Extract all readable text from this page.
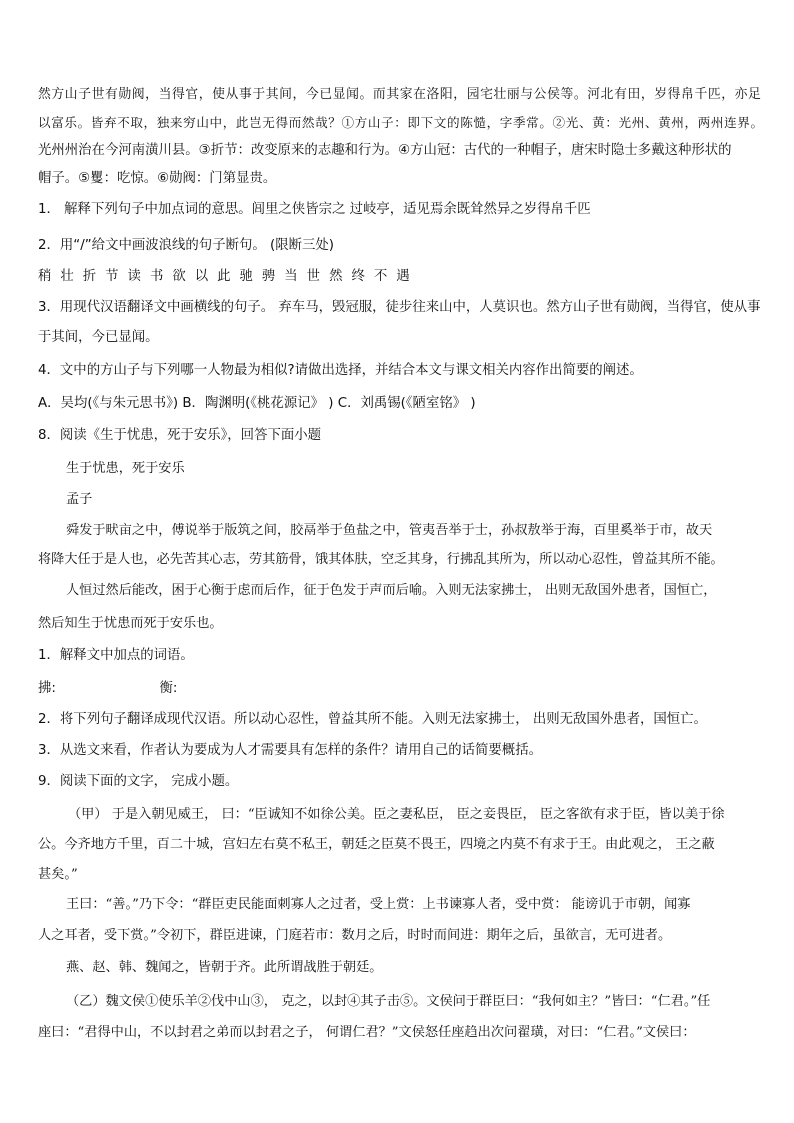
然方山子世有勋阀，当得官，使从事于其间，今已显闻。而其家在洛阳，园宅壮丽与公侯等。河北有田，岁得帛千匹，亦足
以富乐。皆弃不取，独来穷山中，此岂无得而然哉？①方山子：即下文的陈慥，字季常。②光、黄：光州、黄州，两州连界。
光州州治在今河南潢川县。③折节：改变原来的志趣和行为。④方山冠：古代的一种帽子，唐宋时隐士多戴这种形状的
帽子。⑤矍：吃惊。⑥勋阀：门第显贵。
1． 解释下列句子中加点词的意思。闾里之侠皆宗之 过岐亭，适见焉余既耸然异之岁得帛千匹
2．用“/”给文中画波浪线的句子断句。 (限断三处)
稍壮折节读书欲以此驰骋当世然终不遇
3．用现代汉语翻译文中画横线的句子。 弃车马，毁冠服，徒步往来山中，人莫识也。然方山子世有勋阀，当得官，使从事
于其间，今已显闻。
4．文中的方山子与下列哪一人物最为相似?请做出选择，并结合本文与课文相关内容作出简要的阐述。
A．吴均(《与朱元思书》) B．陶渊明(《桃花源记》 ) C．刘禹锡(《陋室铭》 )
8．阅读《生于忧患，死于安乐》，回答下面小题
生于忧患，死于安乐
孟子
舜发于畎亩之中，傅说举于版筑之间，胶鬲举于鱼盐之中，管夷吾举于士，孙叔敖举于海，百里奚举于市，故天
将降大任于是人也，必先苦其心志，劳其筋骨，饿其体肤，空乏其身，行拂乱其所为，所以动心忍性，曾益其所不能。
人恒过然后能改，困于心衡于虑而后作，征于色发于声而后喻。入则无法家拂士， 出则无敌国外患者，国恒亡，
然后知生于忧患而死于安乐也。
1．解释文中加点的词语。
拂:	衡:
2．将下列句子翻译成现代汉语。所以动心忍性，曾益其所不能。入则无法家拂士， 出则无敌国外患者，国恒亡。
3．从选文来看，作者认为要成为人才需要具有怎样的条件？请用自己的话简要概括。
9．阅读下面的文字， 完成小题。
（甲） 于是入朝见威王， 曰：“臣诚知不如徐公美。臣之妻私臣， 臣之妾畏臣， 臣之客欲有求于臣，皆以美于徐
公。今齐地方千里，百二十城，宫妇左右莫不私王，朝廷之臣莫不畏王，四境之内莫不有求于王。由此观之， 王之蔽
甚矣。”
王曰：“善。”乃下令：“群臣吏民能面刺寡人之过者，受上赏：上书谏寡人者，受中赏： 能谤讥于市朝，闻寡
人之耳者，受下赏。”令初下，群臣进谏，门庭若市：数月之后，时时而间进：期年之后，虽欲言，无可进者。
燕、赵、韩、魏闻之，皆朝于齐。此所谓战胜于朝廷。
（乙）魏文侯①使乐羊②伐中山③， 克之，以封④其子击⑤。文侯问于群臣曰：“我何如主？”皆曰：“仁君。”任
座曰：“君得中山，不以封君之弟而以封君之子， 何谓仁君？”文侯怒任座趋出次问翟璜，对曰：“仁君。”文侯曰：
